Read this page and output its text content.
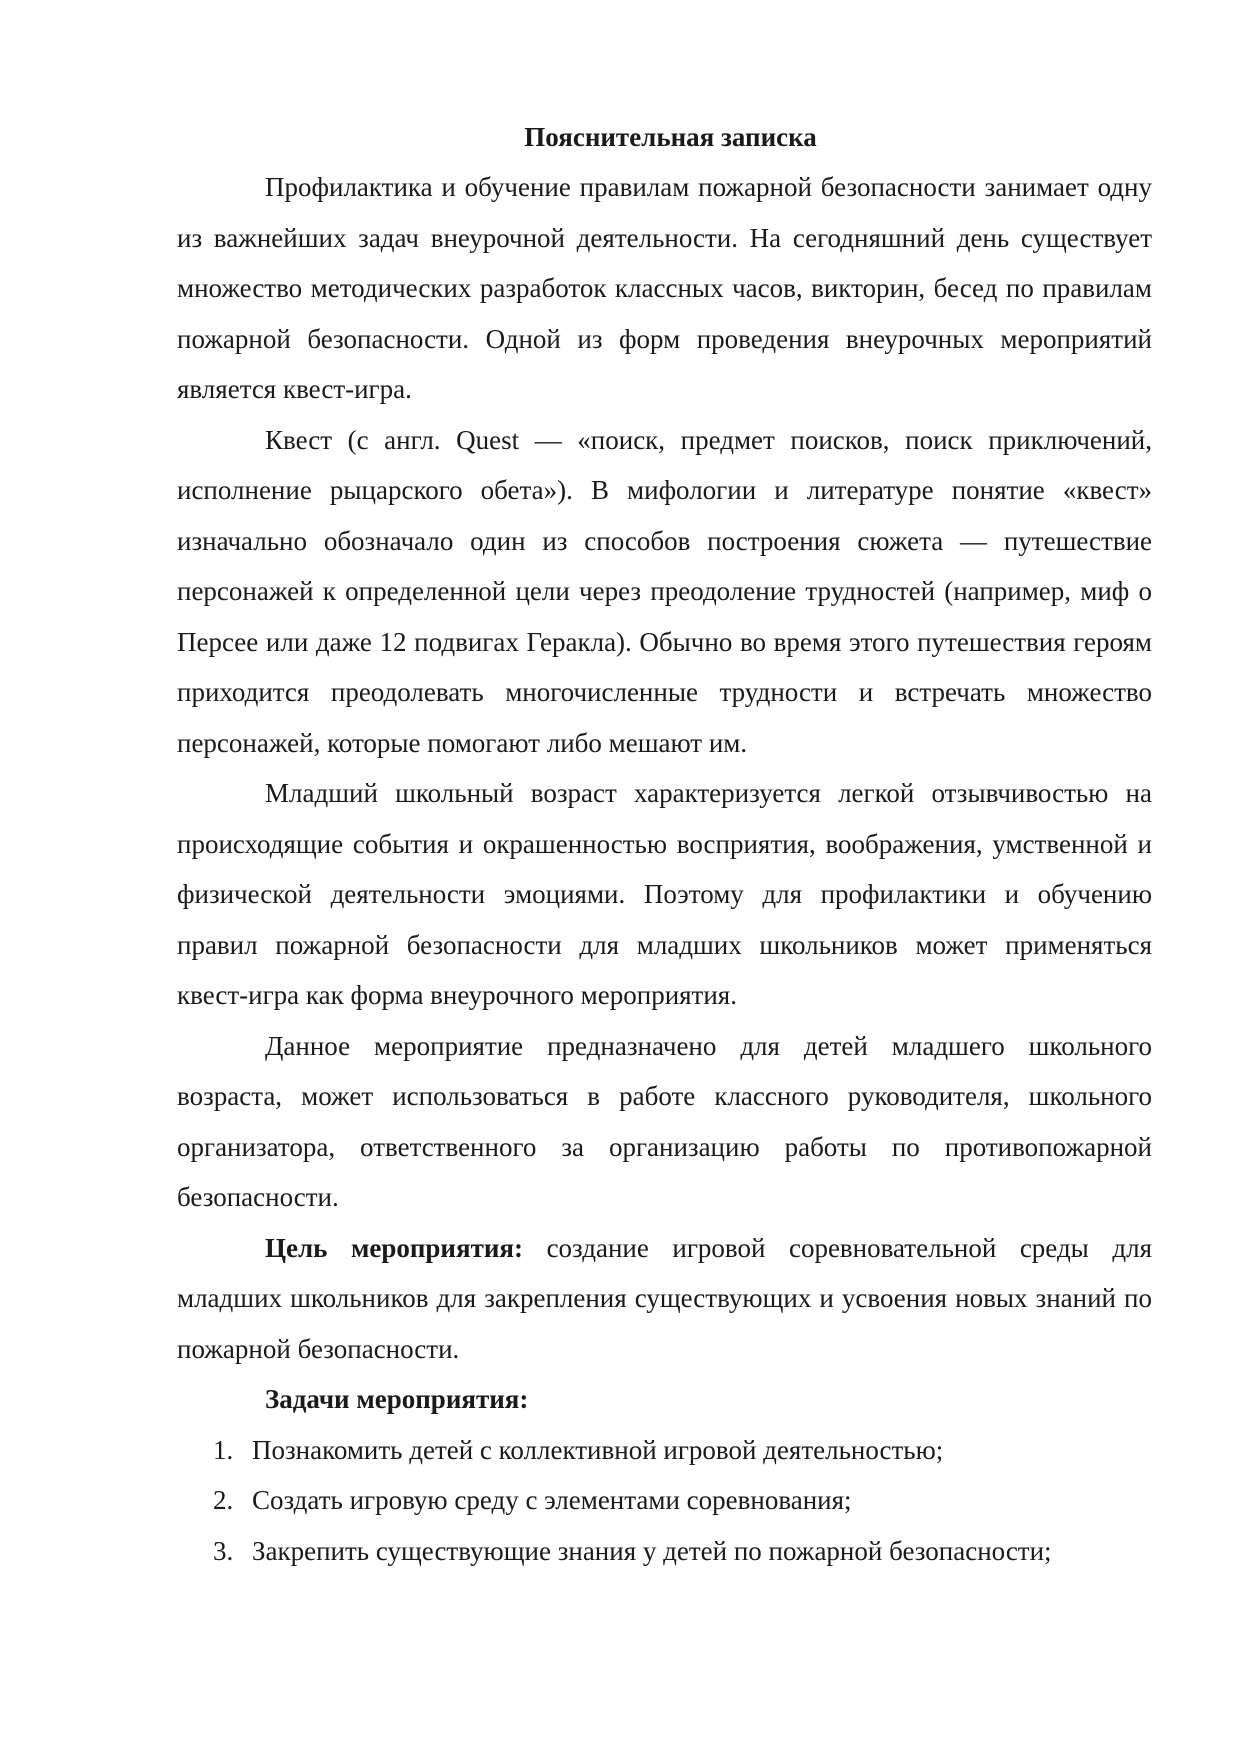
Пояснительная записка

Профилактика и обучение правилам пожарной безопасности занимает одну из важнейших задач внеурочной деятельности. На сегодняшний день существует множество методических разработок классных часов, викторин, бесед по правилам пожарной безопасности. Одной из форм проведения внеурочных мероприятий является квест-игра.

Квест (с англ. Quest — «поиск, предмет поисков, поиск приключений, исполнение рыцарского обета»). В мифологии и литературе понятие «квест» изначально обозначало один из способов построения сюжета — путешествие персонажей к определенной цели через преодоление трудностей (например, миф о Персее или даже 12 подвигах Геракла). Обычно во время этого путешествия героям приходится преодолевать многочисленные трудности и встречать множество персонажей, которые помогают либо мешают им.

Младший школьный возраст характеризуется легкой отзывчивостью на происходящие события и окрашенностью восприятия, воображения, умственной и физической деятельности эмоциями. Поэтому для профилактики и обучению правил пожарной безопасности для младших школьников может применяться квест-игра как форма внеурочного мероприятия.

Данное мероприятие предназначено для детей младшего школьного возраста, может использоваться в работе классного руководителя, школьного организатора, ответственного за организацию работы по противопожарной безопасности.

Цель мероприятия: создание игровой соревновательной среды для младших школьников для закрепления существующих и усвоения новых знаний по пожарной безопасности.

Задачи мероприятия:

1. Познакомить детей с коллективной игровой деятельностью;
2. Создать игровую среду с элементами соревнования;
3. Закрепить существующие знания у детей по пожарной безопасности;
